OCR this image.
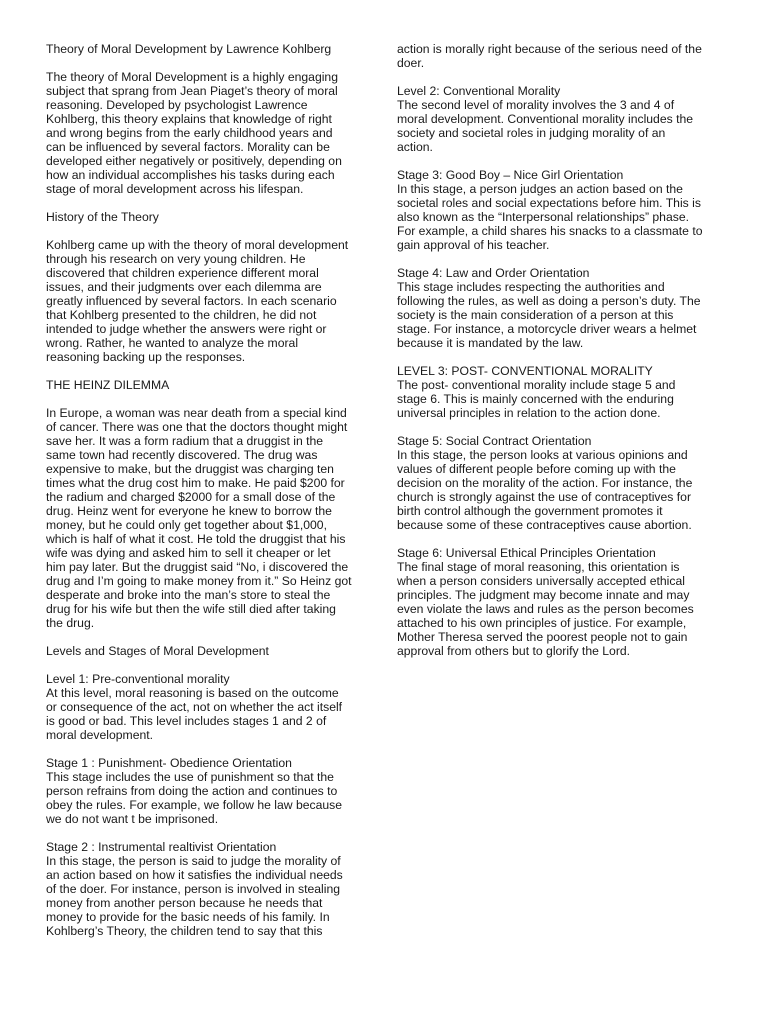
Theory of Moral Development by Lawrence Kohlberg

The theory of Moral Development is a highly engaging
subject that sprang from Jean Piaget’s theory of moral
reasoning. Developed by psychologist Lawrence
Kohlberg, this theory explains that knowledge of right
and wrong begins from the early childhood years and
can be influenced by several factors. Morality can be
developed either negatively or positively, depending on
how an individual accomplishes his tasks during each
stage of moral development across his lifespan.

History of the Theory

Kohlberg came up with the theory of moral development
through his research on very young children. He
discovered that children experience different moral
issues, and their judgments over each dilemma are
greatly influenced by several factors. In each scenario
that Kohlberg presented to the children, he did not
intended to judge whether the answers were right or
wrong. Rather, he wanted to analyze the moral
reasoning backing up the responses.

THE HEINZ DILEMMA

In Europe, a woman was near death from a special kind
of cancer. There was one that the doctors thought might
save her. It was a form radium that a druggist in the
same town had recently discovered. The drug was
expensive to make, but the druggist was charging ten
times what the drug cost him to make. He paid $200 for
the radium and charged $2000 for a small dose of the
drug. Heinz went for everyone he knew to borrow the
money, but he could only get together about $1,000,
which is half of what it cost. He told the druggist that his
wife was dying and asked him to sell it cheaper or let
him pay later. But the druggist said “No, i discovered the
drug and I’m going to make money from it.” So Heinz got
desperate and broke into the man’s store to steal the
drug for his wife but then the wife still died after taking
the drug.

Levels and Stages of Moral Development

Level 1: Pre-conventional morality

At this level, moral reasoning is based on the outcome
or consequence of the act, not on whether the act itself
is good or bad. This level includes stages 1 and 2 of
moral development.

Stage 1 : Punishment- Obedience Orientation

This stage includes the use of punishment so that the
person refrains from doing the action and continues to
obey the rules. For example, we follow he law because
we do not want t be imprisoned.

Stage 2 : Instrumental realtivist Orientation

In this stage, the person is said to judge the morality of
an action based on how it satisfies the individual needs
of the doer. For instance, person is involved in stealing
money from another person because he needs that
money to provide for the basic needs of his family. In
Kohlberg’s Theory, the children tend to say that this

action is morally right because of the serious need of the
doer.

Level 2: Conventional Morality

The second level of morality involves the 3 and 4 of
moral development. Conventional morality includes the
society and societal roles in judging morality of an
action.

Stage 3: Good Boy – Nice Girl Orientation

In this stage, a person judges an action based on the
societal roles and social expectations before him. This is
also known as the “Interpersonal relationships” phase.
For example, a child shares his snacks to a classmate to
gain approval of his teacher.

Stage 4: Law and Order Orientation

This stage includes respecting the authorities and
following the rules, as well as doing a person’s duty. The
society is the main consideration of a person at this
stage. For instance, a motorcycle driver wears a helmet
because it is mandated by the law.

LEVEL 3: POST- CONVENTIONAL MORALITY

The post- conventional morality include stage 5 and
stage 6. This is mainly concerned with the enduring
universal principles in relation to the action done.

Stage 5: Social Contract Orientation

In this stage, the person looks at various opinions and
values of different people before coming up with the
decision on the morality of the action. For instance, the
church is strongly against the use of contraceptives for
birth control although the government promotes it
because some of these contraceptives cause abortion.

Stage 6: Universal Ethical Principles Orientation

The final stage of moral reasoning, this orientation is
when a person considers universally accepted ethical
principles. The judgment may become innate and may
even violate the laws and rules as the person becomes
attached to his own principles of justice. For example,
Mother Theresa served the poorest people not to gain
approval from others but to glorify the Lord.
